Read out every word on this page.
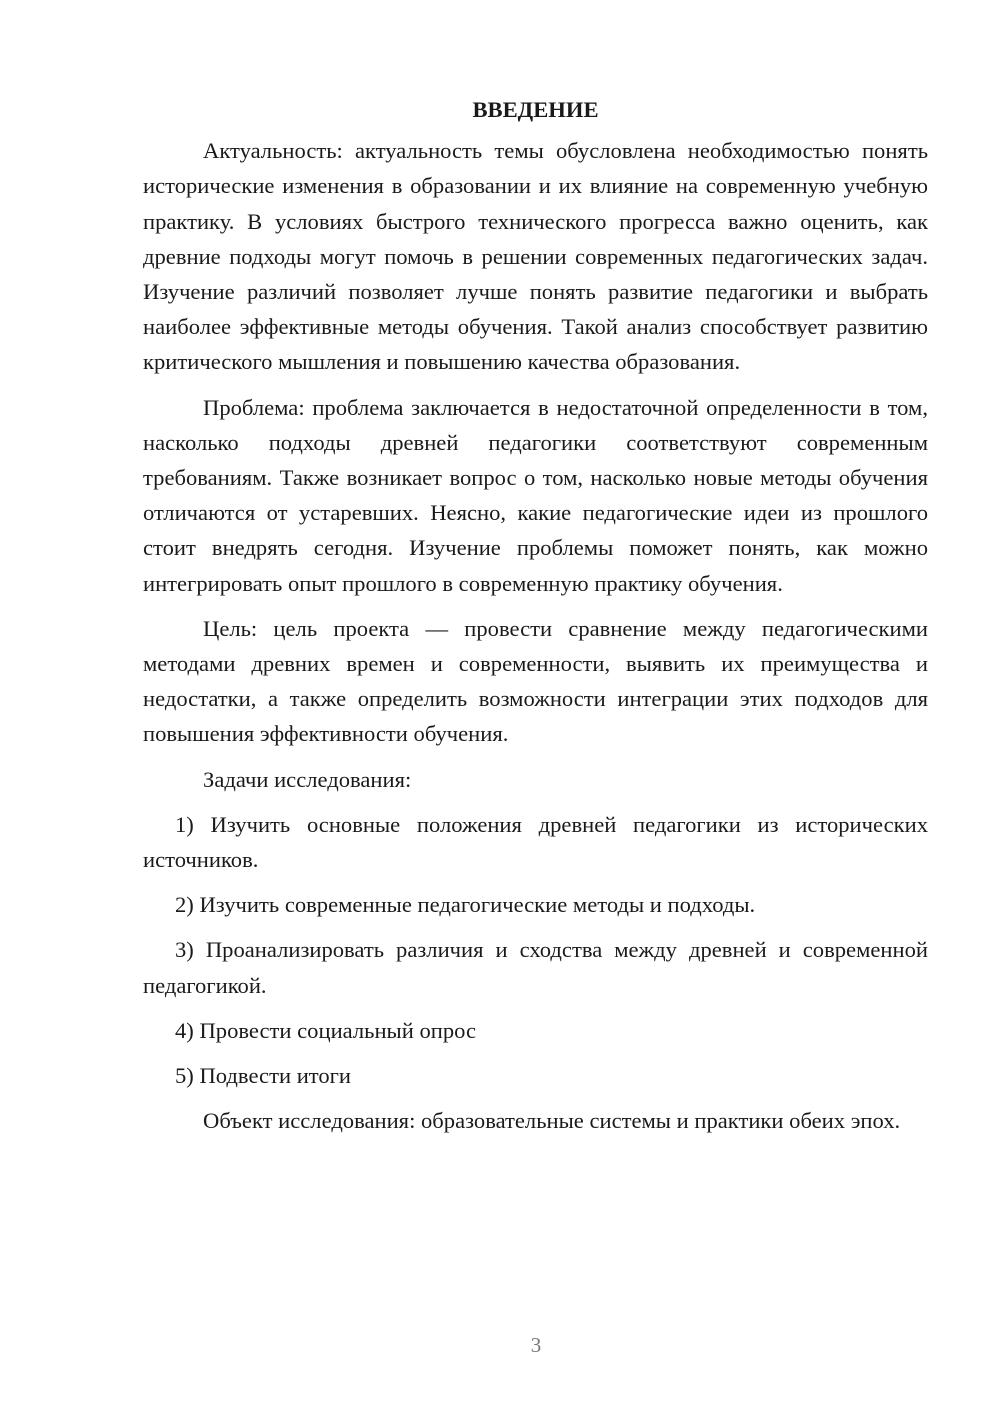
ВВЕДЕНИЕ

Актуальность: актуальность темы обусловлена необходимостью понять исторические изменения в образовании и их влияние на современную учебную практику. В условиях быстрого технического прогресса важно оценить, как древние подходы могут помочь в решении современных педагогических задач. Изучение различий позволяет лучше понять развитие педагогики и выбрать наиболее эффективные методы обучения. Такой анализ способствует развитию критического мышления и повышению качества образования.

Проблема: проблема заключается в недостаточной определенности в том, насколько подходы древней педагогики соответствуют современным требованиям. Также возникает вопрос о том, насколько новые методы обучения отличаются от устаревших. Неясно, какие педагогические идеи из прошлого стоит внедрять сегодня. Изучение проблемы поможет понять, как можно интегрировать опыт прошлого в современную практику обучения.

Цель: цель проекта — провести сравнение между педагогическими методами древних времен и современности, выявить их преимущества и недостатки, а также определить возможности интеграции этих подходов для повышения эффективности обучения.

Задачи исследования:

1) Изучить основные положения древней педагогики из исторических источников.

2) Изучить современные педагогические методы и подходы.

3) Проанализировать различия и сходства между древней и современной педагогикой.

4) Провести социальный опрос

5) Подвести итоги

Объект исследования: образовательные системы и практики обеих эпох.

3
